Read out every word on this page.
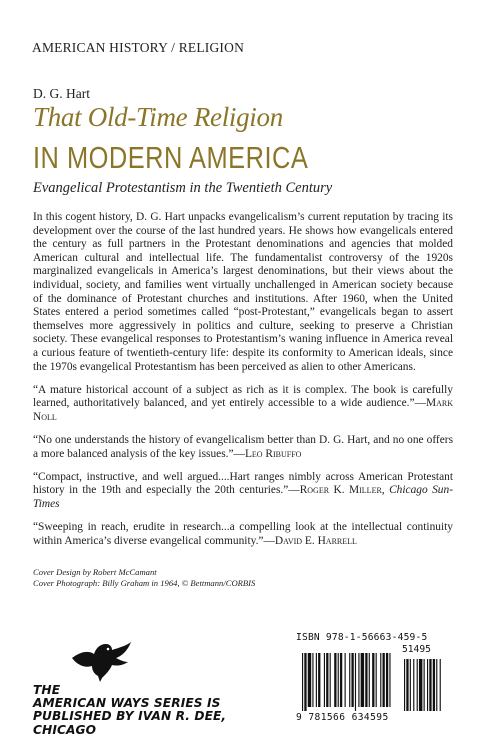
AMERICAN HISTORY / RELIGION
D. G. Hart
That Old-Time Religion
IN MODERN AMERICA
Evangelical Protestantism in the Twentieth Century

In this cogent history, D. G. Hart unpacks evangelicalism’s current reputation by tracing its development over the course of the last hundred years. He shows how evangelicals entered the century as full partners in the Protestant denominations and agencies that molded American cultural and intellectual life. The fundamentalist controversy of the 1920s marginalized evangelicals in America’s largest denominations, but their views about the individual, society, and families went virtually unchallenged in American society because of the dominance of Protestant churches and institutions. After 1960, when the United States entered a period sometimes called “post-Protestant,” evangelicals began to assert themselves more aggressively in politics and culture, seeking to preserve a Christian society. These evangelical responses to Protestantism’s waning influence in America reveal a curious feature of twentieth-century life: despite its conformity to American ideals, since the 1970s evangelical Protestantism has been perceived as alien to other Americans.

“A mature historical account of a subject as rich as it is complex. The book is carefully learned, authoritatively balanced, and yet entirely accessible to a wide audience.”—Mark Noll

“No one understands the history of evangelicalism better than D. G. Hart, and no one offers a more balanced analysis of the key issues.”—Leo Ribuffo

“Compact, instructive, and well argued....Hart ranges nimbly across American Protestant history in the 19th and especially the 20th centuries.”—Roger K. Miller, Chicago Sun-Times

“Sweeping in reach, erudite in research...a compelling look at the intellectual continuity within America’s diverse evangelical community.”—David E. Harrell

Cover Design by Robert McCamant
Cover Photograph: Billy Graham in 1964, © Bettmann/CORBIS
THE
AMERICAN WAYS SERIES IS
PUBLISHED BY IVAN R. DEE,
CHICAGO
ISBN 978-1-56663-459-5
51495
9 781566 634595
